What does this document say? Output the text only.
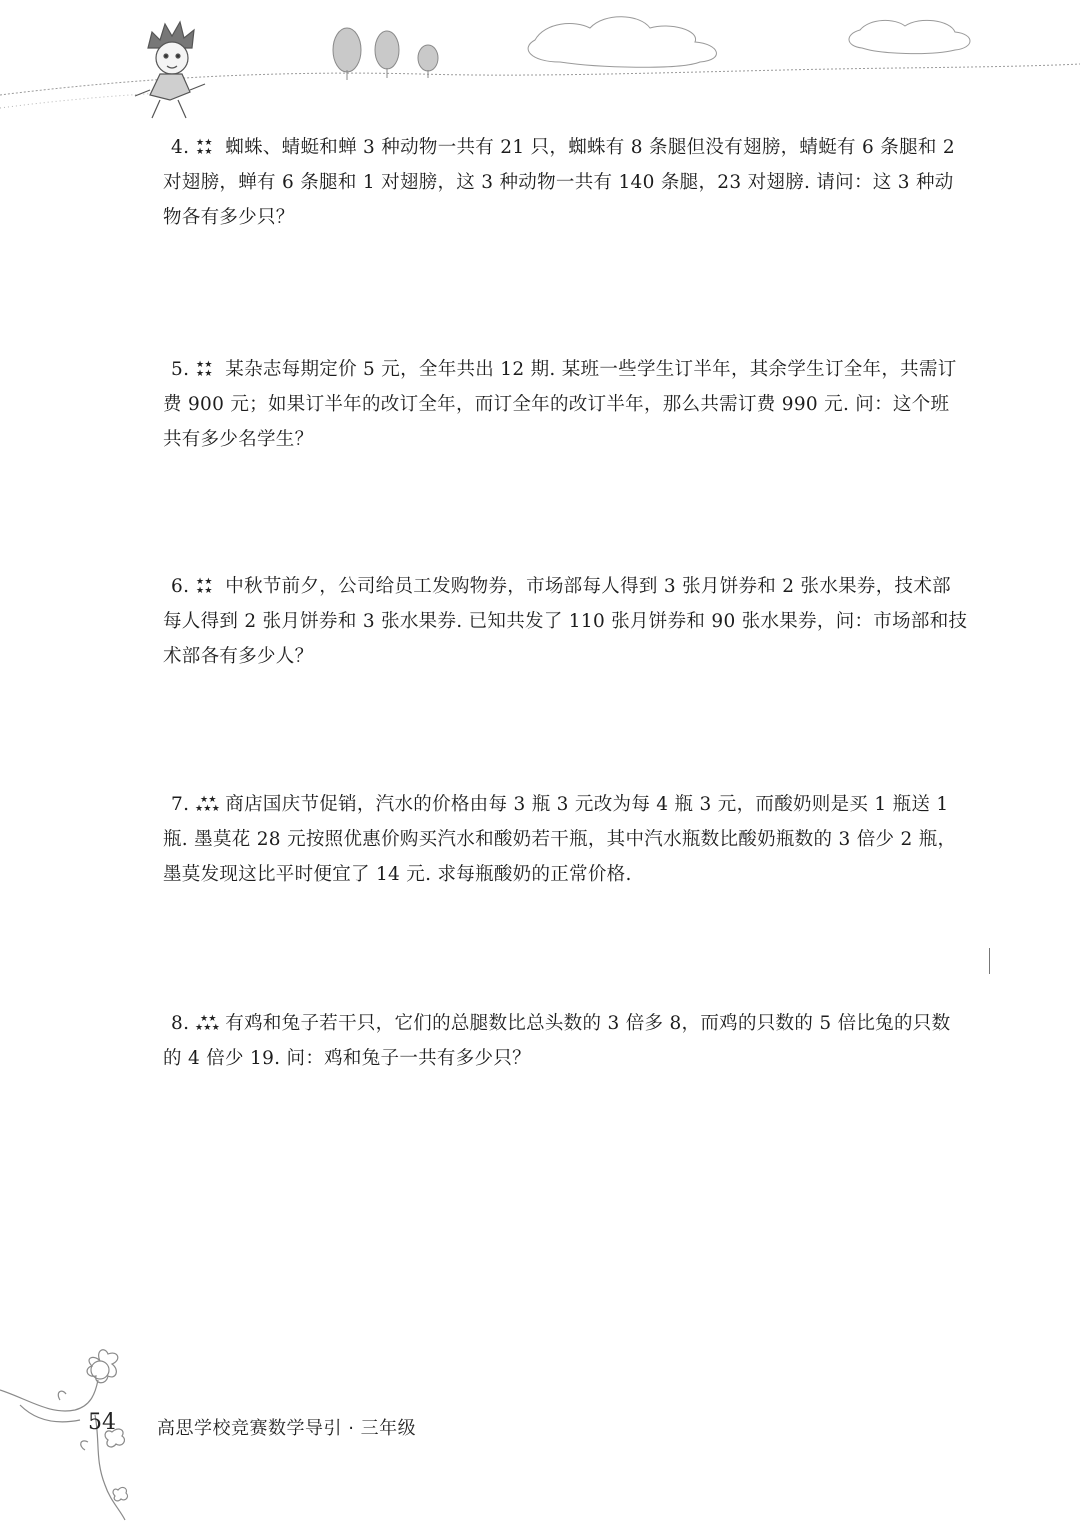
4. ★★
★★ 蜘蛛、蜻蜓和蝉 3 种动物一共有 21 只，蜘蛛有 8 条腿但没有翅膀，蜻蜓有 6 条腿和 2 对翅膀，蝉有 6 条腿和 1 对翅膀，这 3 种动物一共有 140 条腿，23 对翅膀. 请问：这 3 种动物各有多少只？
5. ★★
★★ 某杂志每期定价 5 元，全年共出 12 期. 某班一些学生订半年，其余学生订全年，共需订费 900 元；如果订半年的改订全年，而订全年的改订半年，那么共需订费 990 元. 问：这个班共有多少名学生？
6. ★★
★★ 中秋节前夕，公司给员工发购物券，市场部每人得到 3 张月饼券和 2 张水果券，技术部每人得到 2 张月饼券和 3 张水果券. 已知共发了 110 张月饼券和 90 张水果券，问：市场部和技术部各有多少人？
7. ★★
★★★ 商店国庆节促销，汽水的价格由每 3 瓶 3 元改为每 4 瓶 3 元，而酸奶则是买 1 瓶送 1 瓶. 墨莫花 28 元按照优惠价购买汽水和酸奶若干瓶，其中汽水瓶数比酸奶瓶数的 3 倍少 2 瓶，墨莫发现这比平时便宜了 14 元. 求每瓶酸奶的正常价格.
8. ★★
★★★ 有鸡和兔子若干只，它们的总腿数比总头数的 3 倍多 8，而鸡的只数的 5 倍比兔的只数的 4 倍少 19. 问：鸡和兔子一共有多少只？
54 高思学校竞赛数学导引 · 三年级
